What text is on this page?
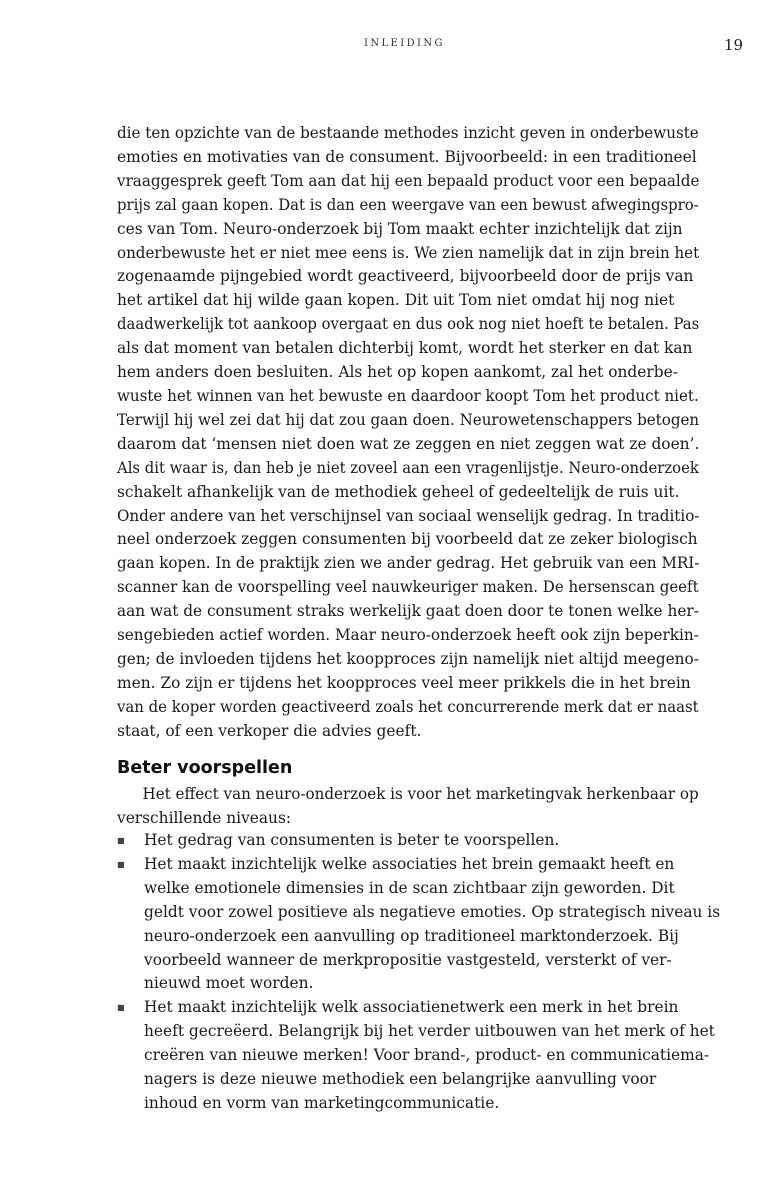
INLEIDING	19
die ten opzichte van de bestaande methodes inzicht geven in onderbewuste
emoties en motivaties van de consument. Bijvoorbeeld: in een traditioneel
vraaggesprek geeft Tom aan dat hij een bepaald product voor een bepaalde
prijs zal gaan kopen. Dat is dan een weergave van een bewust afwegingspro-
ces van Tom. Neuro-onderzoek bij Tom maakt echter inzichtelijk dat zijn
onderbewuste het er niet mee eens is. We zien namelijk dat in zijn brein het
zogenaamde pijngebied wordt geactiveerd, bijvoorbeeld door de prijs van
het artikel dat hij wilde gaan kopen. Dit uit Tom niet omdat hij nog niet
daadwerkelijk tot aankoop overgaat en dus ook nog niet hoeft te betalen. Pas
als dat moment van betalen dichterbij komt, wordt het sterker en dat kan
hem anders doen besluiten. Als het op kopen aankomt, zal het onderbe-
wuste het winnen van het bewuste en daardoor koopt Tom het product niet.
Terwijl hij wel zei dat hij dat zou gaan doen. Neurowetenschappers betogen
daarom dat ‘mensen niet doen wat ze zeggen en niet zeggen wat ze doen’.
Als dit waar is, dan heb je niet zoveel aan een vragenlijstje. Neuro-onderzoek
schakelt afhankelijk van de methodiek geheel of gedeeltelijk de ruis uit.
Onder andere van het verschijnsel van sociaal wenselijk gedrag. In traditio-
neel onderzoek zeggen consumenten bij voorbeeld dat ze zeker biologisch
gaan kopen. In de praktijk zien we ander gedrag. Het gebruik van een MRI-
scanner kan de voorspelling veel nauwkeuriger maken. De hersenscan geeft
aan wat de consument straks werkelijk gaat doen door te tonen welke her-
sengebieden actief worden. Maar neuro-onderzoek heeft ook zijn beperkin-
gen; de invloeden tijdens het koopproces zijn namelijk niet altijd meegeno-
men. Zo zijn er tijdens het koopproces veel meer prikkels die in het brein
van de koper worden geactiveerd zoals het concurrerende merk dat er naast
staat, of een verkoper die advies geeft.
Beter voorspellen
Het effect van neuro-onderzoek is voor het marketingvak herkenbaar op
verschillende niveaus:
■ Het gedrag van consumenten is beter te voorspellen.
■ Het maakt inzichtelijk welke associaties het brein gemaakt heeft en
welke emotionele dimensies in de scan zichtbaar zijn geworden. Dit
geldt voor zowel positieve als negatieve emoties. Op strategisch niveau is
neuro-onderzoek een aanvulling op traditioneel marktonderzoek. Bij
voorbeeld wanneer de merkpropositie vastgesteld, versterkt of ver-
nieuwd moet worden.
■ Het maakt inzichtelijk welk associatienetwerk een merk in het brein
heeft gecreëerd. Belangrijk bij het verder uitbouwen van het merk of het
creëren van nieuwe merken! Voor brand-, product- en communicatiema-
nagers is deze nieuwe methodiek een belangrijke aanvulling voor
inhoud en vorm van marketingcommunicatie.
